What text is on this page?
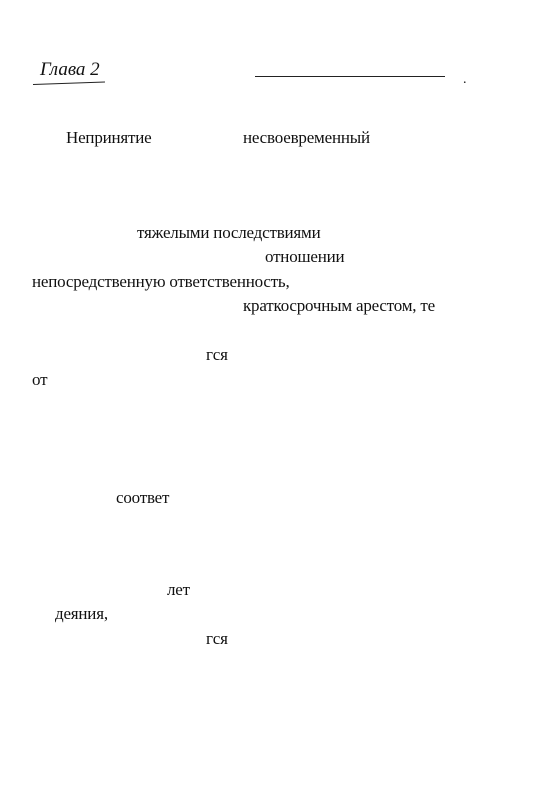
Глава 2	.
Непринятие	несвоевременный
тяжелыми последствиями
отношении
непосредственную ответственность,
краткосрочным арестом, те
гся
от
соответ
лет
деяния,
гся
